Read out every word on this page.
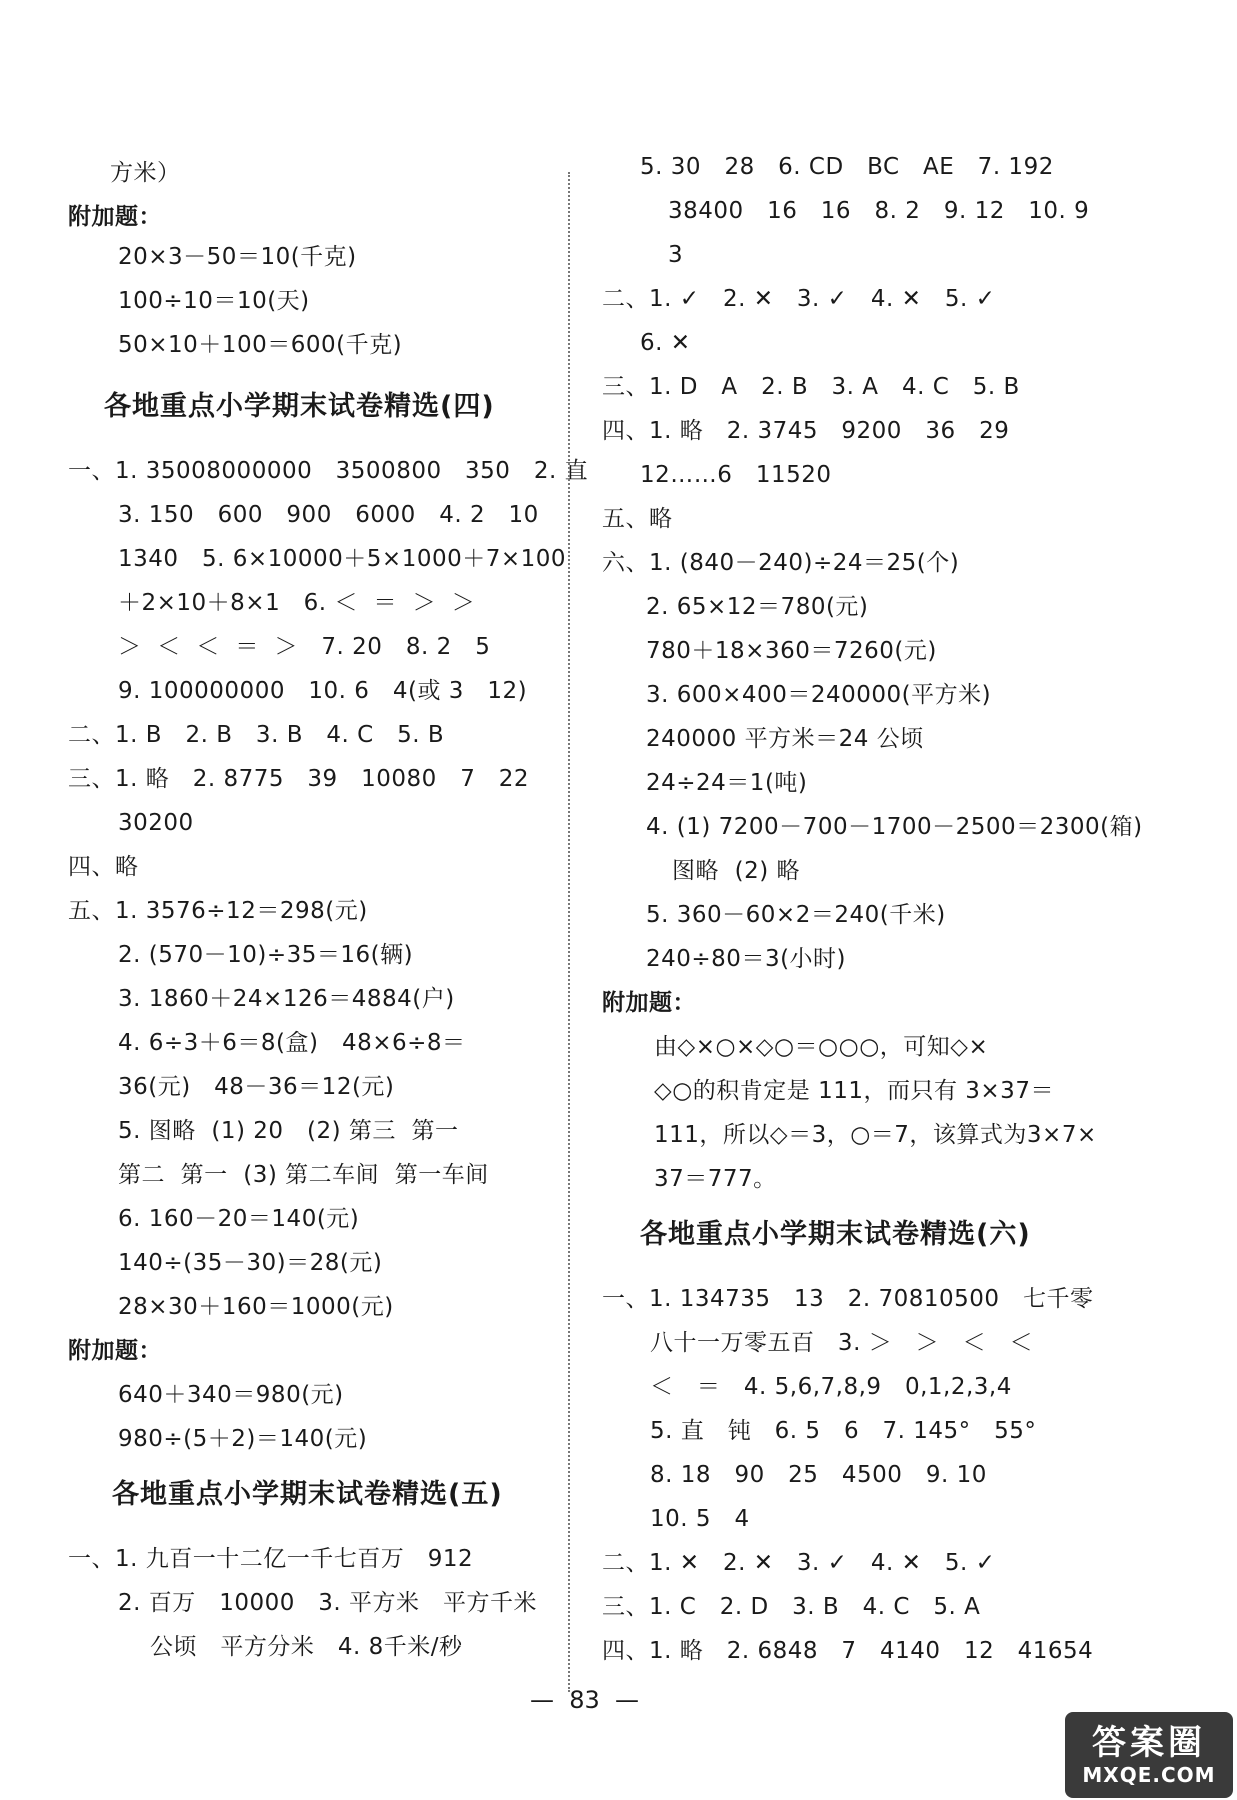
方米）
附加题：
20×3－50＝10(千克)
100÷10＝10(天)
50×10＋100＝600(千克)
各地重点小学期末试卷精选(四)
一、1. 35008000000   3500800   350   2. 直
3. 150   600   900   6000   4. 2   10
1340   5. 6×10000＋5×1000＋7×100
＋2×10＋8×1   6. ＜  ＝  ＞  ＞
＞  ＜  ＜  ＝  ＞   7. 20   8. 2   5
9. 100000000   10. 6   4(或 3   12)
二、1. B   2. B   3. B   4. C   5. B
三、1. 略   2. 8775   39   10080   7   22
30200
四、略
五、1. 3576÷12＝298(元)
2. (570－10)÷35＝16(辆)
3. 1860＋24×126＝4884(户)
4. 6÷3＋6＝8(盒)   48×6÷8＝
36(元)   48－36＝12(元)
5. 图略  (1) 20   (2) 第三  第一
第二  第一  (3) 第二车间  第一车间
6. 160－20＝140(元)
140÷(35－30)＝28(元)
28×30＋160＝1000(元)
附加题：
640＋340＝980(元)
980÷(5＋2)＝140(元)
各地重点小学期末试卷精选(五)
一、1. 九百一十二亿一千七百万   912
2. 百万   10000   3. 平方米   平方千米
公顷   平方分米   4. 8千米/秒
5. 30   28   6. CD   BC   AE   7. 192
38400   16   16   8. 2   9. 12   10. 9
3
二、1. ✓   2. ✕   3. ✓   4. ✕   5. ✓
6. ✕
三、1. D   A   2. B   3. A   4. C   5. B
四、1. 略   2. 3745   9200   36   29
12……6   11520
五、略
六、1. (840－240)÷24＝25(个)
2. 65×12＝780(元)
780＋18×360＝7260(元)
3. 600×400＝240000(平方米)
240000 平方米＝24 公顷
24÷24＝1(吨)
4. (1) 7200－700－1700－2500＝2300(箱)
图略  (2) 略
5. 360－60×2＝240(千米)
240÷80＝3(小时)
附加题：
由◇×○×◇○＝○○○，可知◇×
◇○的积肯定是 111，而只有 3×37＝
111，所以◇＝3，○＝7，该算式为3×7×
37＝777。
各地重点小学期末试卷精选(六)
一、1. 134735   13   2. 70810500   七千零
八十一万零五百   3. ＞   ＞   ＜   ＜
＜   ＝   4. 5,6,7,8,9   0,1,2,3,4
5. 直   钝   6. 5   6   7. 145°   55°
8. 18   90   25   4500   9. 10
10. 5   4
二、1. ✕   2. ✕   3. ✓   4. ✕   5. ✓
三、1. C   2. D   3. B   4. C   5. A
四、1. 略   2. 6848   7   4140   12   41654
—  83  —
答案圈
MXQE.COM
